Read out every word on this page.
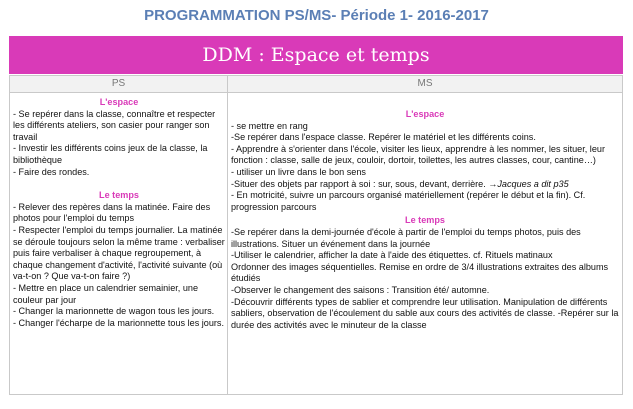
PROGRAMMATION PS/MS- Période 1- 2016-2017
DDM : Espace et temps
PS	MS

L'espace

- Se repérer dans la classe, connaître et respecter les différents ateliers, son casier pour ranger son travail

- Investir les différents coins jeux de la classe, la bibliothèque

- Faire des rondes.

Le temps

- Relever des repères dans la matinée. Faire des photos pour l'emploi du temps

- Respecter l'emploi du temps journalier. La matinée se déroule toujours selon la même trame : verbaliser puis faire verbaliser à chaque regroupement, à chaque changement d'activité, l'activité suivante (où va-t-on ? Que va-t-on faire ?)

- Mettre en place un calendrier semainier, une couleur par jour

- Changer la marionnette de wagon tous les jours.

- Changer l'écharpe de la marionnette tous les jours.

L'espace

- se mettre en rang

-Se repérer dans l'espace classe. Repérer le matériel et les différents coins.

- Apprendre à s'orienter dans l'école, visiter les lieux, apprendre à les nommer, les situer, leur fonction : classe, salle de jeux, couloir, dortoir, toilettes, les autres classes, cour, cantine…)

- utiliser un livre dans le bon sens

-Situer des objets par rapport à soi : sur, sous, devant, derrière. →Jacques a dit p35

- En motricité, suivre un parcours organisé matériellement (repérer le début et la fin). Cf. progression parcours

Le temps

-Se repérer dans la demi-journée d'école à partir de l'emploi du temps photos, puis des illustrations. Situer un événement dans la journée

-Utiliser le calendrier, afficher la date à l'aide des étiquettes. cf. Rituels matinaux

Ordonner des images séquentielles. Remise en ordre de 3/4 illustrations extraites des albums étudiés

-Observer le changement des saisons : Transition été/ automne.

-Découvrir différents types de sablier et comprendre leur utilisation. Manipulation de différents sabliers, observation de l'écoulement du sable aux cours des activités de classe. -Repérer sur la durée des activités avec le minuteur de la classe
